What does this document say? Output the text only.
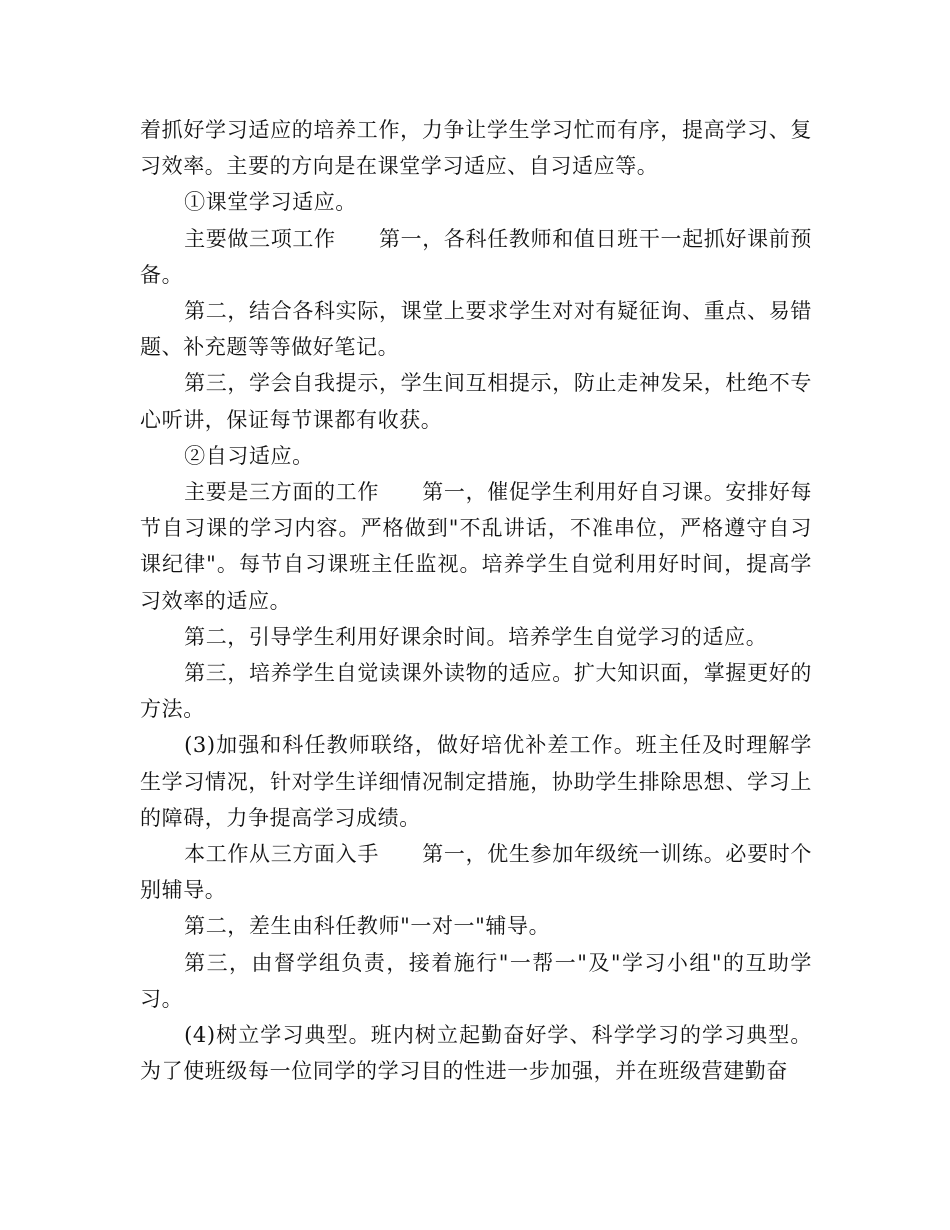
着抓好学习适应的培养工作，力争让学生学习忙而有序，提高学习、复习效率。主要的方向是在课堂学习适应、自习适应等。

①课堂学习适应。

主要做三项工作　　第一，各科任教师和值日班干一起抓好课前预备。

第二，结合各科实际，课堂上要求学生对对有疑征询、重点、易错题、补充题等等做好笔记。

第三，学会自我提示，学生间互相提示，防止走神发呆，杜绝不专心听讲，保证每节课都有收获。

②自习适应。

主要是三方面的工作　　第一，催促学生利用好自习课。安排好每节自习课的学习内容。严格做到"不乱讲话，不准串位，严格遵守自习课纪律"。每节自习课班主任监视。培养学生自觉利用好时间，提高学习效率的适应。

第二，引导学生利用好课余时间。培养学生自觉学习的适应。

第三，培养学生自觉读课外读物的适应。扩大知识面，掌握更好的方法。

(3)加强和科任教师联络，做好培优补差工作。班主任及时理解学生学习情况，针对学生详细情况制定措施，协助学生排除思想、学习上的障碍，力争提高学习成绩。

本工作从三方面入手　　第一，优生参加年级统一训练。必要时个别辅导。

第二，差生由科任教师"一对一"辅导。

第三，由督学组负责，接着施行"一帮一"及"学习小组"的互助学习。

(4)树立学习典型。班内树立起勤奋好学、科学学习的学习典型。为了使班级每一位同学的学习目的性进一步加强，并在班级营建勤奋
